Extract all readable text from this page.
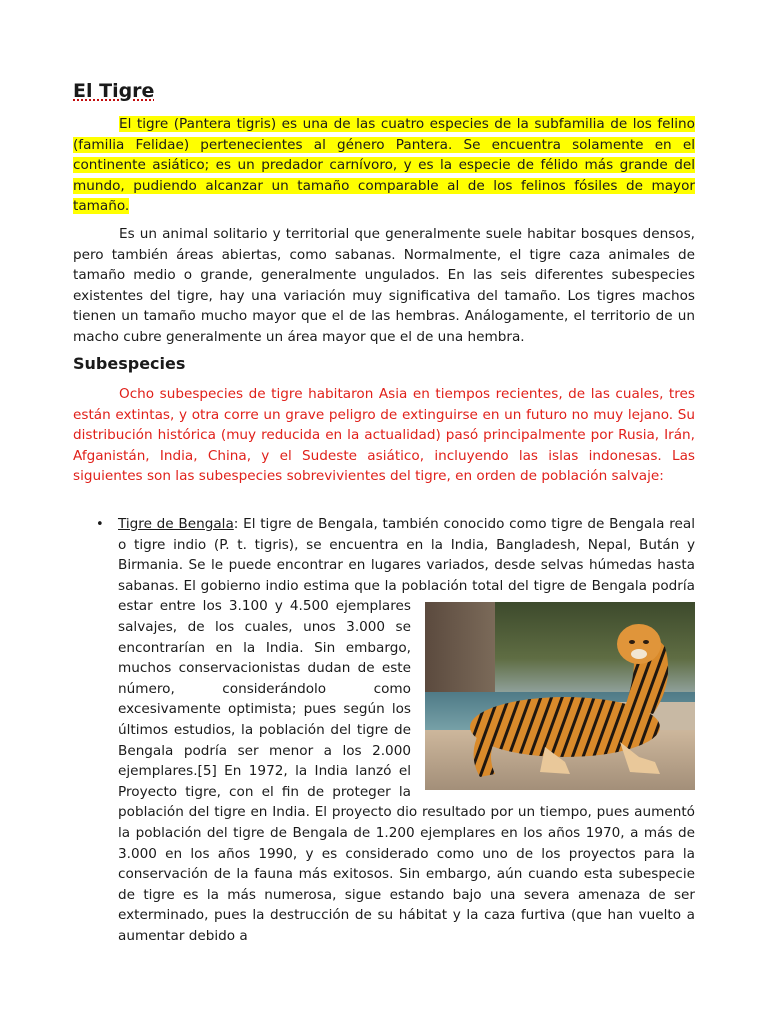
El Tigre

El tigre (Pantera tigris) es una de las cuatro especies de la subfamilia de los felino (familia Felidae) pertenecientes al género Pantera. Se encuentra solamente en el continente asiático; es un predador carnívoro, y es la especie de félido más grande del mundo, pudiendo alcanzar un tamaño comparable al de los felinos fósiles de mayor tamaño.

Es un animal solitario y territorial que generalmente suele habitar bosques densos, pero también áreas abiertas, como sabanas. Normalmente, el tigre caza animales de tamaño medio o grande, generalmente ungulados. En las seis diferentes subespecies existentes del tigre, hay una variación muy significativa del tamaño. Los tigres machos tienen un tamaño mucho mayor que el de las hembras. Análogamente, el territorio de un macho cubre generalmente un área mayor que el de una hembra.

Subespecies

Ocho subespecies de tigre habitaron Asia en tiempos recientes, de las cuales, tres están extintas, y otra corre un grave peligro de extinguirse en un futuro no muy lejano. Su distribución histórica (muy reducida en la actualidad) pasó principalmente por Rusia, Irán, Afganistán, India, China, y el Sudeste asiático, incluyendo las islas indonesas. Las siguientes son las subespecies sobrevivientes del tigre, en orden de población salvaje:

• Tigre de Bengala: El tigre de Bengala, también conocido como tigre de Bengala real o tigre indio (P. t. tigris), se encuentra en la India, Bangladesh, Nepal, Bután y Birmania. Se le puede encontrar en lugares variados, desde selvas húmedas hasta sabanas. El gobierno indio estima que la población total del tigre de Bengala podría estar entre los 3.100 y 4.500 ejemplares salvajes, de los cuales, unos 3.000 se encontrarían en la India. Sin embargo, muchos conservacionistas dudan de este número, considerándolo como excesivamente optimista; pues según los últimos estudios, la población del tigre de Bengala podría ser menor a los 2.000 ejemplares.[5] En 1972, la India lanzó el Proyecto tigre, con el fin de proteger la población del tigre en India. El proyecto dio resultado por un tiempo, pues aumentó la población del tigre de Bengala de 1.200 ejemplares en los años 1970, a más de 3.000 en los años 1990, y es considerado como uno de los proyectos para la conservación de la fauna más exitosos. Sin embargo, aún cuando esta subespecie de tigre es la más numerosa, sigue estando bajo una severa amenaza de ser exterminado, pues la destrucción de su hábitat y la caza furtiva (que han vuelto a aumentar debido a
